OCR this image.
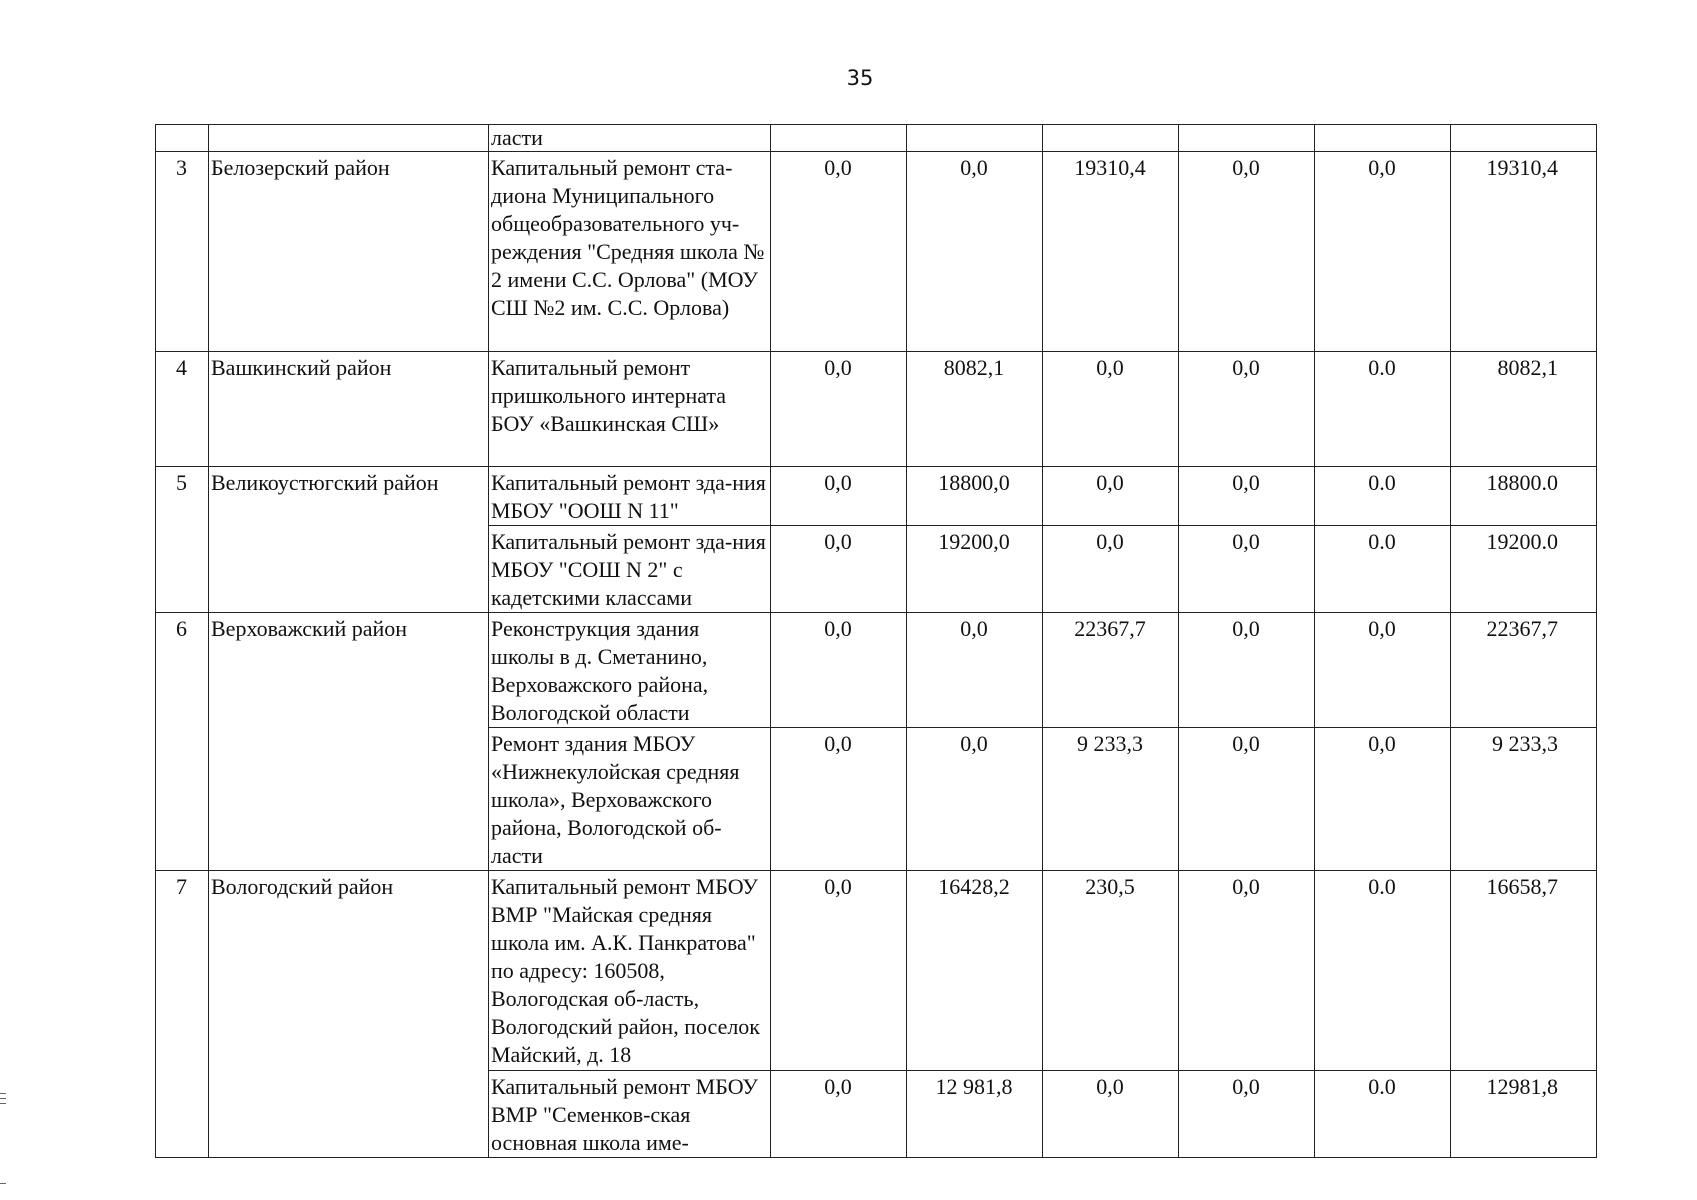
35
		ласти						
3	Белозерский район	Капитальный ремонт ста-диона Муниципального общеобразовательного уч-реждения "Средняя школа № 2 имени С.С. Орлова" (МОУ СШ №2 им. С.С. Орлова)	0,0	0,0	19310,4	0,0	0,0	19310,4
4	Вашкинский район	Капитальный ремонт пришкольного интерната БОУ «Вашкинская СШ»	0,0	8082,1	0,0	0,0	0.0	8082,1
5	Великоустюгский район	Капитальный ремонт зда-ния МБОУ "ООШ N 11"	0,0	18800,0	0,0	0,0	0.0	18800.0
		Капитальный ремонт зда-ния МБОУ "СОШ N 2" с кадетскими классами	0,0	19200,0	0,0	0,0	0.0	19200.0
6	Верховажский район	Реконструкция здания школы в д. Сметанино, Верховажского района, Вологодской области	0,0	0,0	22367,7	0,0	0,0	22367,7
		Ремонт здания МБОУ «Нижнекулойская средняя школа», Верховажского района, Вологодской об-ласти	0,0	0,0	9 233,3	0,0	0,0	9 233,3
7	Вологодский район	Капитальный ремонт МБОУ ВМР "Майская средняя школа им. А.К. Панкратова" по адресу: 160508, Вологодская об-ласть, Вологодский район, поселок Майский, д. 18	0,0	16428,2	230,5	0,0	0.0	16658,7
		Капитальный ремонт МБОУ ВМР "Семенков-ская основная школа име-	0,0	12 981,8	0,0	0,0	0.0	12981,8
